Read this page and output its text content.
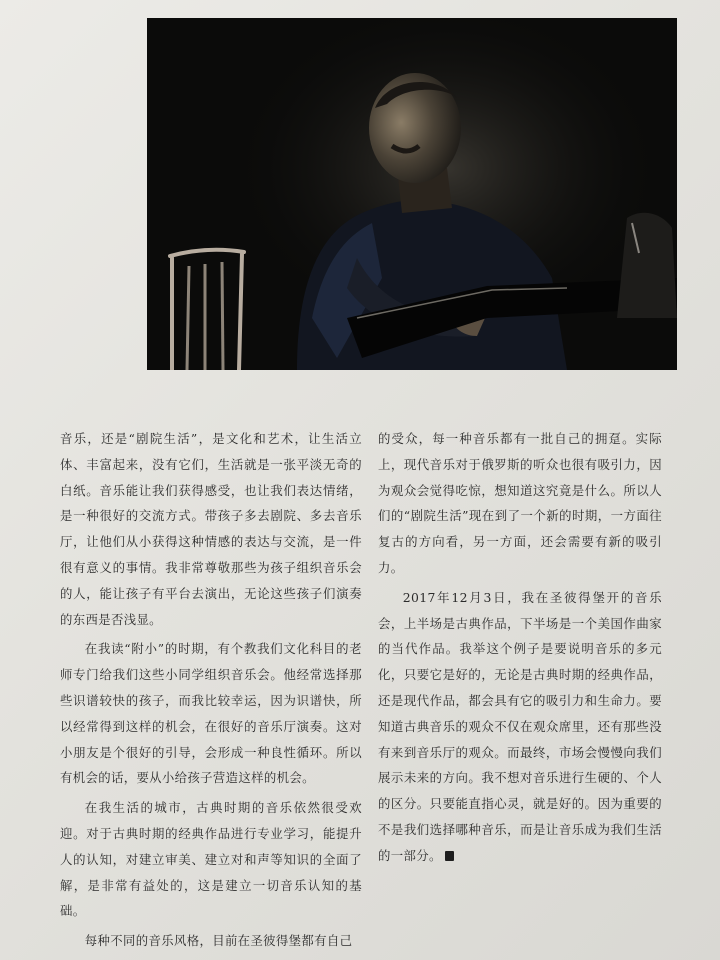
音乐，还是“剧院生活”，是文化和艺术，让生活立体、丰富起来，没有它们，生活就是一张平淡无奇的白纸。音乐能让我们获得感受，也让我们表达情绪，是一种很好的交流方式。带孩子多去剧院、多去音乐厅，让他们从小获得这种情感的表达与交流，是一件很有意义的事情。我非常尊敬那些为孩子组织音乐会的人，能让孩子有平台去演出，无论这些孩子们演奏的东西是否浅显。

在我读“附小”的时期，有个教我们文化科目的老师专门给我们这些小同学组织音乐会。他经常选择那些识谱较快的孩子，而我比较幸运，因为识谱快，所以经常得到这样的机会，在很好的音乐厅演奏。这对小朋友是个很好的引导，会形成一种良性循环。所以有机会的话，要从小给孩子营造这样的机会。

在我生活的城市，古典时期的音乐依然很受欢迎。对于古典时期的经典作品进行专业学习，能提升人的认知，对建立审美、建立对和声等知识的全面了解，是非常有益处的，这是建立一切音乐认知的基础。

每种不同的音乐风格，目前在圣彼得堡都有自己

的受众，每一种音乐都有一批自己的拥趸。实际上，现代音乐对于俄罗斯的听众也很有吸引力，因为观众会觉得吃惊，想知道这究竟是什么。所以人们的“剧院生活”现在到了一个新的时期，一方面往复古的方向看，另一方面，还会需要有新的吸引力。

2017年12月3日，我在圣彼得堡开的音乐会，上半场是古典作品，下半场是一个美国作曲家的当代作品。我举这个例子是要说明音乐的多元化，只要它是好的，无论是古典时期的经典作品，还是现代作品，都会具有它的吸引力和生命力。要知道古典音乐的观众不仅在观众席里，还有那些没有来到音乐厅的观众。而最终，市场会慢慢向我们展示未来的方向。我不想对音乐进行生硬的、个人的区分。只要能直指心灵，就是好的。因为重要的不是我们选择哪种音乐，而是让音乐成为我们生活的一部分。
